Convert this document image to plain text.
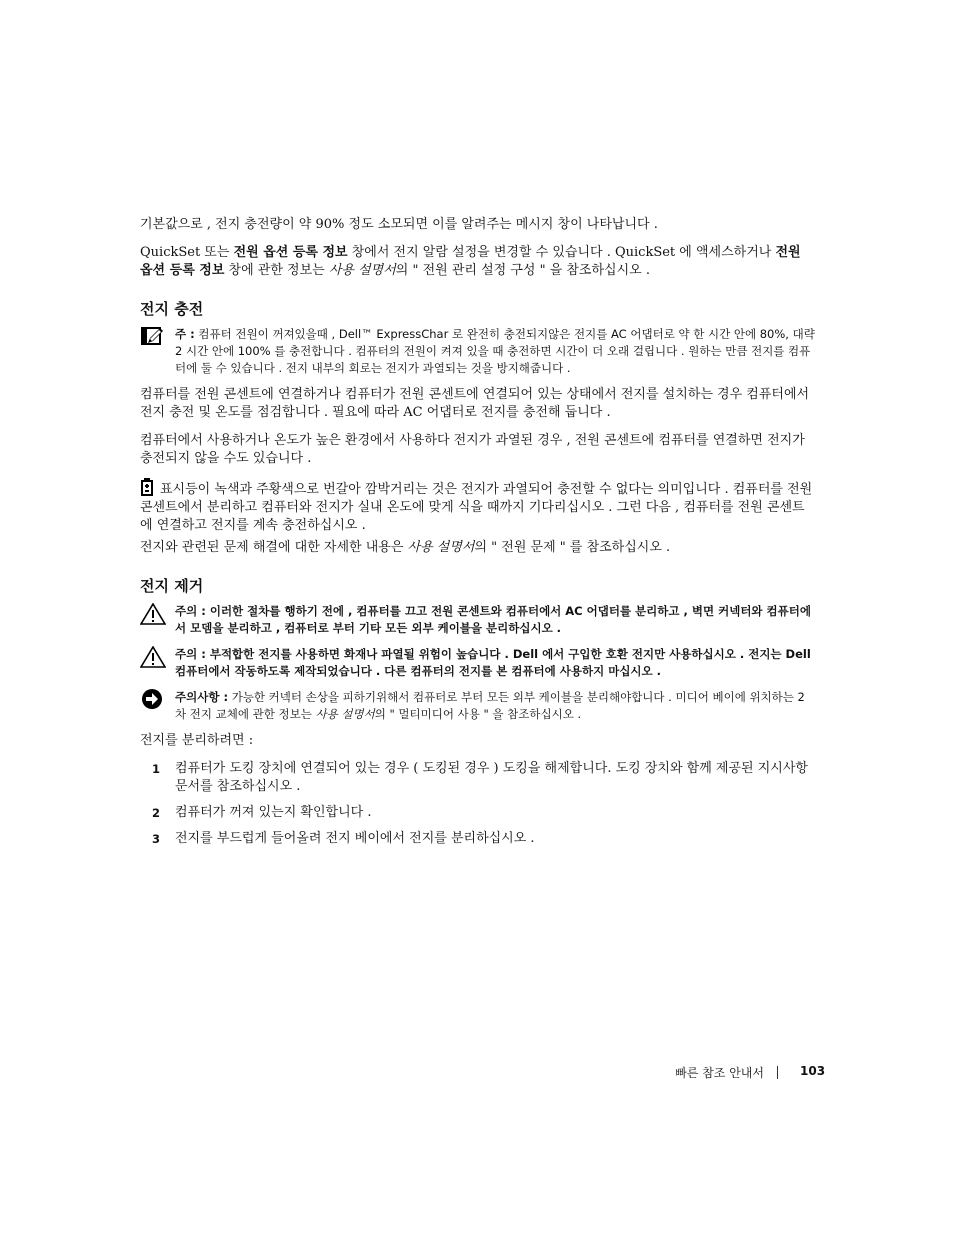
기본값으로 , 전지 충전량이 약 90% 정도 소모되면 이를 알려주는 메시지 창이 나타납니다 .

QuickSet 또는 전원 옵션 등록 정보 창에서 전지 알람 설정을 변경할 수 있습니다 . QuickSet 에 액세스하거나 전원 옵션 등록 정보 창에 관한 정보는 사용 설명서의 " 전원 관리 설정 구성 " 을 참조하십시오 .

전지 충전
주 : 컴퓨터 전원이 꺼져있을때 , Dell™ ExpressChar 로 완전히 충전되지않은 전지를 AC 어댑터로 약 한 시간 안에 80%, 대략 2 시간 안에 100% 를 충전합니다 . 컴퓨터의 전원이 켜져 있을 때 충전하면 시간이 더 오래 걸립니다 . 원하는 만큼 전지를 컴퓨터에 둘 수 있습니다 . 전지 내부의 회로는 전지가 과열되는 것을 방지해줍니다 .

컴퓨터를 전원 콘센트에 연결하거나 컴퓨터가 전원 콘센트에 연결되어 있는 상태에서 전지를 설치하는 경우 컴퓨터에서 전지 충전 및 온도를 점검합니다 . 필요에 따라 AC 어댑터로 전지를 충전해 둡니다 .

컴퓨터에서 사용하거나 온도가 높은 환경에서 사용하다 전지가 과열된 경우 , 전원 콘센트에 컴퓨터를 연결하면 전지가 충전되지 않을 수도 있습니다 .

표시등이 녹색과 주황색으로 번갈아 깜박거리는 것은 전지가 과열되어 충전할 수 없다는 의미입니다 . 컴퓨터를 전원 콘센트에서 분리하고 컴퓨터와 전지가 실내 온도에 맞게 식을 때까지 기다리십시오 . 그런 다음 , 컴퓨터를 전원 콘센트에 연결하고 전지를 계속 충전하십시오 .

전지와 관련된 문제 해결에 대한 자세한 내용은 사용 설명서의 " 전원 문제 " 를 참조하십시오 .

전지 제거
주의 : 이러한 절차를 행하기 전에 , 컴퓨터를 끄고 전원 콘센트와 컴퓨터에서 AC 어댑터를 분리하고 , 벽면 커넥터와 컴퓨터에서 모뎀을 분리하고 , 컴퓨터로 부터 기타 모든 외부 케이블을 분리하십시오 .
주의 : 부적합한 전지를 사용하면 화재나 파열될 위험이 높습니다 . Dell 에서 구입한 호환 전지만 사용하십시오 . 전지는 Dell 컴퓨터에서 작동하도록 제작되었습니다 . 다른 컴퓨터의 전지를 본 컴퓨터에 사용하지 마십시오 .
주의사항 : 가능한 커넥터 손상을 피하기위해서 컴퓨터로 부터 모든 외부 케이블을 분리해야합니다 . 미디어 베이에 위치하는 2 차 전지 교체에 관한 정보는 사용 설명서의 " 멀티미디어 사용 " 을 참조하십시오 .

전지를 분리하려면 :

1 컴퓨터가 도킹 장치에 연결되어 있는 경우 ( 도킹된 경우 ) 도킹을 해제합니다. 도킹 장치와 함께 제공된 지시사항 문서를 참조하십시오 .
2 컴퓨터가 꺼져 있는지 확인합니다 .
3 전지를 부드럽게 들어올려 전지 베이에서 전지를 분리하십시오 .
빠른 참조 안내서	103
